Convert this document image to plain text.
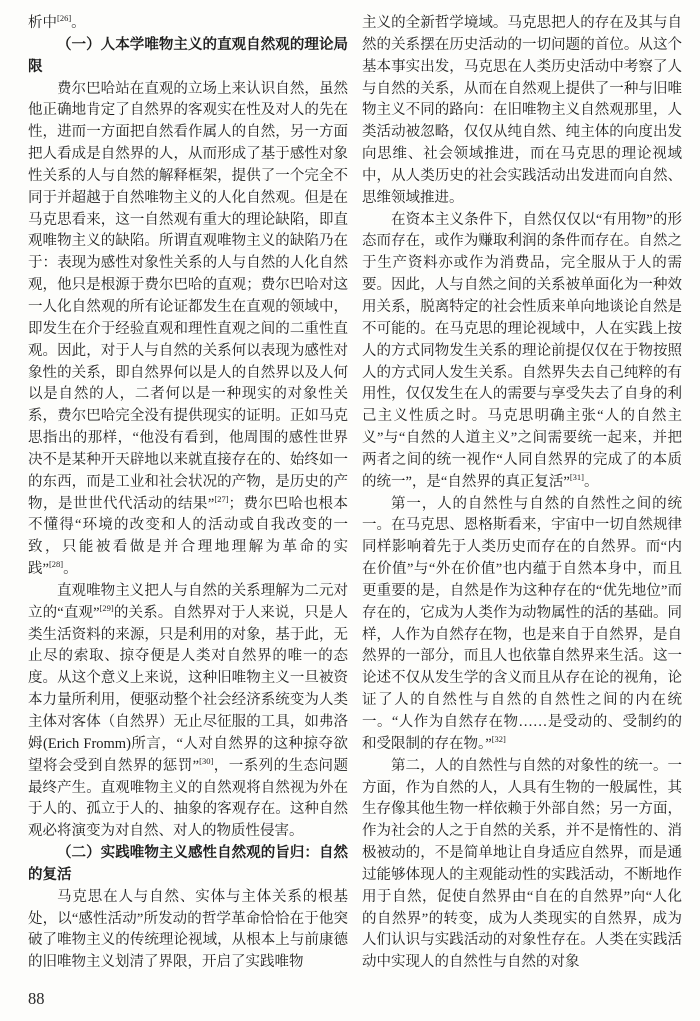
析中[26]。

（一）人本学唯物主义的直观自然观的理论局限

费尔巴哈站在直观的立场上来认识自然，虽然他正确地肯定了自然界的客观实在性及对人的先在性，进而一方面把自然看作属人的自然，另一方面把人看成是自然界的人，从而形成了基于感性对象性关系的人与自然的解释框架，提供了一个完全不同于并超越于自然唯物主义的人化自然观。但是在马克思看来，这一自然观有重大的理论缺陷，即直观唯物主义的缺陷。所谓直观唯物主义的缺陷乃在于：表现为感性对象性关系的人与自然的人化自然观，他只是根源于费尔巴哈的直观；费尔巴哈对这一人化自然观的所有论证都发生在直观的领域中，即发生在介于经验直观和理性直观之间的二重性直观。因此，对于人与自然的关系何以表现为感性对象性的关系，即自然界何以是人的自然界以及人何以是自然的人，二者何以是一种现实的对象性关系，费尔巴哈完全没有提供现实的证明。正如马克思指出的那样，“他没有看到，他周围的感性世界决不是某种开天辟地以来就直接存在的、始终如一的东西，而是工业和社会状况的产物，是历史的产物，是世世代代活动的结果”[27]；费尔巴哈也根本不懂得“环境的改变和人的活动或自我改变的一致，只能被看做是并合理地理解为革命的实践”[28]。

直观唯物主义把人与自然的关系理解为二元对立的“直观”[29]的关系。自然界对于人来说，只是人类生活资料的来源，只是利用的对象，基于此，无止尽的索取、掠夺便是人类对自然界的唯一的态度。从这个意义上来说，这种旧唯物主义一旦被资本力量所利用，便驱动整个社会经济系统变为人类主体对客体（自然界）无止尽征服的工具，如弗洛姆(Erich Fromm)所言，“人对自然界的这种掠夺欲望将会受到自然界的惩罚”[30]，一系列的生态问题最终产生。直观唯物主义的自然观将自然视为外在于人的、孤立于人的、抽象的客观存在。这种自然观必将演变为对自然、对人的物质性侵害。

（二）实践唯物主义感性自然观的旨归：自然的复活

马克思在人与自然、实体与主体关系的根基处，以“感性活动”所发动的哲学革命恰恰在于他突破了唯物主义的传统理论视域，从根本上与前康德的旧唯物主义划清了界限，开启了实践唯物

主义的全新哲学境域。马克思把人的存在及其与自然的关系摆在历史活动的一切问题的首位。从这个基本事实出发，马克思在人类历史活动中考察了人与自然的关系，从而在自然观上提供了一种与旧唯物主义不同的路向：在旧唯物主义自然观那里，人类活动被忽略，仅仅从纯自然、纯主体的向度出发向思维、社会领域推进，而在马克思的理论视域中，从人类历史的社会实践活动出发进而向自然、思维领域推进。

在资本主义条件下，自然仅仅以“有用物”的形态而存在，或作为赚取利润的条件而存在。自然之于生产资料亦或作为消费品，完全服从于人的需要。因此，人与自然之间的关系被单面化为一种效用关系，脱离特定的社会性质来单向地谈论自然是不可能的。在马克思的理论视域中，人在实践上按人的方式同物发生关系的理论前提仅仅在于物按照人的方式同人发生关系。自然界失去自己纯粹的有用性，仅仅发生在人的需要与享受失去了自身的利己主义性质之时。马克思明确主张“人的自然主义”与“自然的人道主义”之间需要统一起来，并把两者之间的统一视作“人同自然界的完成了的本质的统一”，是“自然界的真正复活”[31]。

第一，人的自然性与自然的自然性之间的统一。在马克思、恩格斯看来，宇宙中一切自然规律同样影响着先于人类历史而存在的自然界。而“内在价值”与“外在价值”也内蕴于自然本身中，而且更重要的是，自然是作为这种存在的“优先地位”而存在的，它成为人类作为动物属性的活的基础。同样，人作为自然存在物，也是来自于自然界，是自然界的一部分，而且人也依靠自然界来生活。这一论述不仅从发生学的含义而且从存在论的视角，论证了人的自然性与自然的自然性之间的内在统一。“人作为自然存在物……是受动的、受制约的和受限制的存在物。”[32]

第二，人的自然性与自然的对象性的统一。一方面，作为自然的人，人具有生物的一般属性，其生存像其他生物一样依赖于外部自然；另一方面，作为社会的人之于自然的关系，并不是惰性的、消极被动的，不是简单地让自身适应自然界，而是通过能够体现人的主观能动性的实践活动，不断地作用于自然，促使自然界由“自在的自然界”向“人化的自然界”的转变，成为人类现实的自然界，成为人们认识与实践活动的对象性存在。人类在实践活动中实现人的自然性与自然的对象

88
